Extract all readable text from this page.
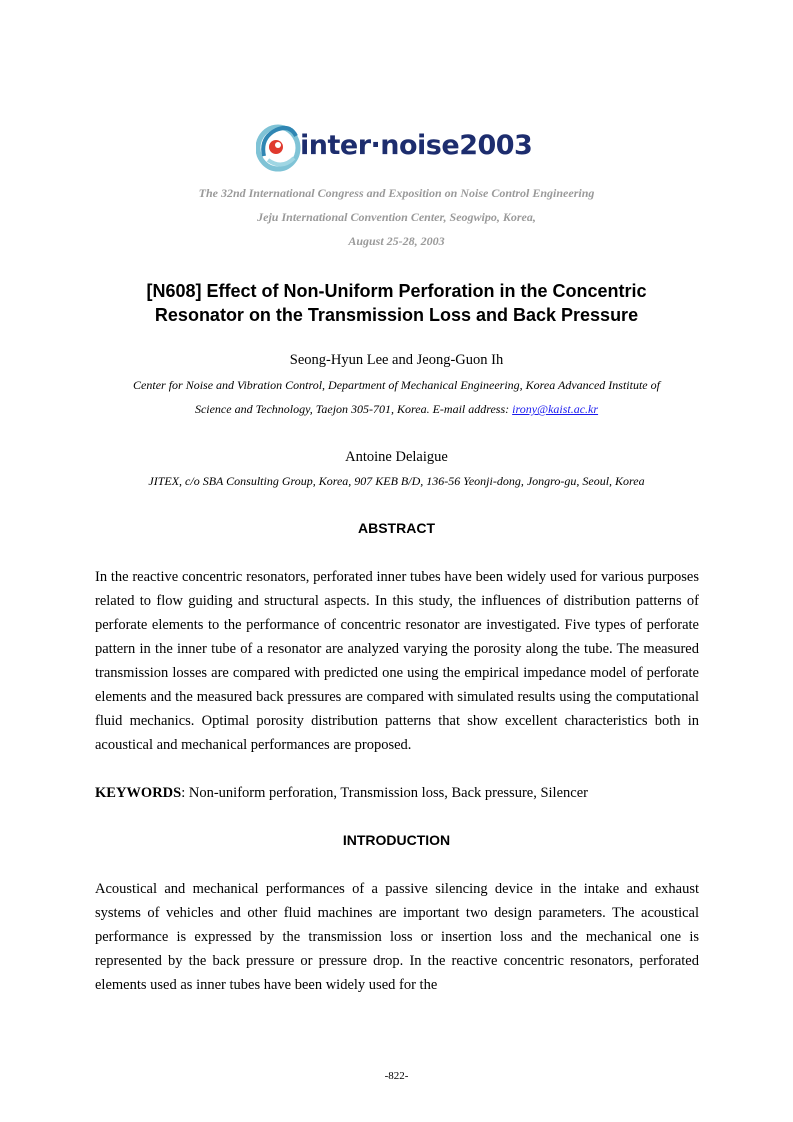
inter·noise2003
The 32nd International Congress and Exposition on Noise Control Engineering
Jeju International Convention Center, Seogwipo, Korea,
August 25-28, 2003
[N608] Effect of Non-Uniform Perforation in the Concentric
Resonator on the Transmission Loss and Back Pressure
Seong-Hyun Lee and Jeong-Guon Ih
Center for Noise and Vibration Control, Department of Mechanical Engineering, Korea Advanced Institute of
Science and Technology, Taejon 305-701, Korea. E-mail address: irony@kaist.ac.kr
Antoine Delaigue
JITEX, c/o SBA Consulting Group, Korea, 907 KEB B/D, 136-56 Yeonji-dong, Jongro-gu, Seoul, Korea
ABSTRACT
In the reactive concentric resonators, perforated inner tubes have been widely used for various purposes related to flow guiding and structural aspects. In this study, the influences of distribution patterns of perforate elements to the performance of concentric resonator are investigated. Five types of perforate pattern in the inner tube of a resonator are analyzed varying the porosity along the tube. The measured transmission losses are compared with predicted one using the empirical impedance model of perforate elements and the measured back pressures are compared with simulated results using the computational fluid mechanics. Optimal porosity distribution patterns that show excellent characteristics both in acoustical and mechanical performances are proposed.
KEYWORDS: Non-uniform perforation, Transmission loss, Back pressure, Silencer
INTRODUCTION
Acoustical and mechanical performances of a passive silencing device in the intake and exhaust systems of vehicles and other fluid machines are important two design parameters. The acoustical performance is expressed by the transmission loss or insertion loss and the mechanical one is represented by the back pressure or pressure drop. In the reactive concentric resonators, perforated elements used as inner tubes have been widely used for the
-822-
